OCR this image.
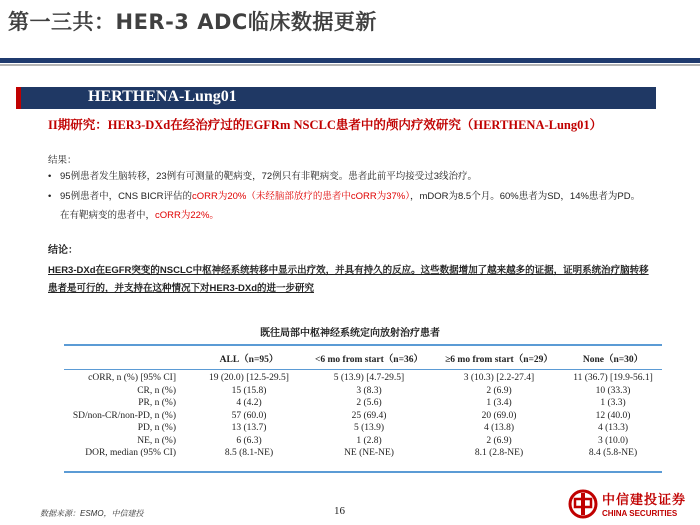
第一三共：HER-3 ADC临床数据更新
HERTHENA-Lung01
II期研究：HER3-DXd在经治疗过的EGFRm NSCLC患者中的颅内疗效研究（HERTHENA-Lung01）
结果：
• 95例患者发生脑转移，23例有可测量的靶病变，72例只有非靶病变。患者此前平均接受过3线治疗。
• 95例患者中，CNS BICR评估的cORR为20%（未经脑部放疗的患者中cORR为37%），mDOR为8.5个月。60%患者为SD，14%患者为PD。
在有靶病变的患者中，cORR为22%。
结论：
HER3-DXd在EGFR突变的NSCLC中枢神经系统转移中显示出疗效，并具有持久的反应。这些数据增加了越来越多的证据，证明系统治疗脑转移患者是可行的，并支持在这种情况下对HER3-DXd的进一步研究
既往局部中枢神经系统定向放射治疗患者
	ALL（n=95）	<6 mo from start（n=36）	≥6 mo from start（n=29）	None（n=30）
cORR, n (%) [95% CI]	19 (20.0) [12.5-29.5]	5 (13.9) [4.7-29.5]	3 (10.3) [2.2-27.4]	11 (36.7) [19.9-56.1]
CR, n (%)	15 (15.8)	3 (8.3)	2 (6.9)	10 (33.3)
PR, n (%)	4 (4.2)	2 (5.6)	1 (3.4)	1 (3.3)
SD/non-CR/non-PD, n (%)	57 (60.0)	25 (69.4)	20 (69.0)	12 (40.0)
PD, n (%)	13 (13.7)	5 (13.9)	4 (13.8)	4 (13.3)
NE, n (%)	6 (6.3)	1 (2.8)	2 (6.9)	3 (10.0)
DOR, median (95% CI)	8.5 (8.1-NE)	NE (NE-NE)	8.1 (2.8-NE)	8.4 (5.8-NE)
数据来源：ESMO，中信建投	16
中信建投证券
CHINA SECURITIES
